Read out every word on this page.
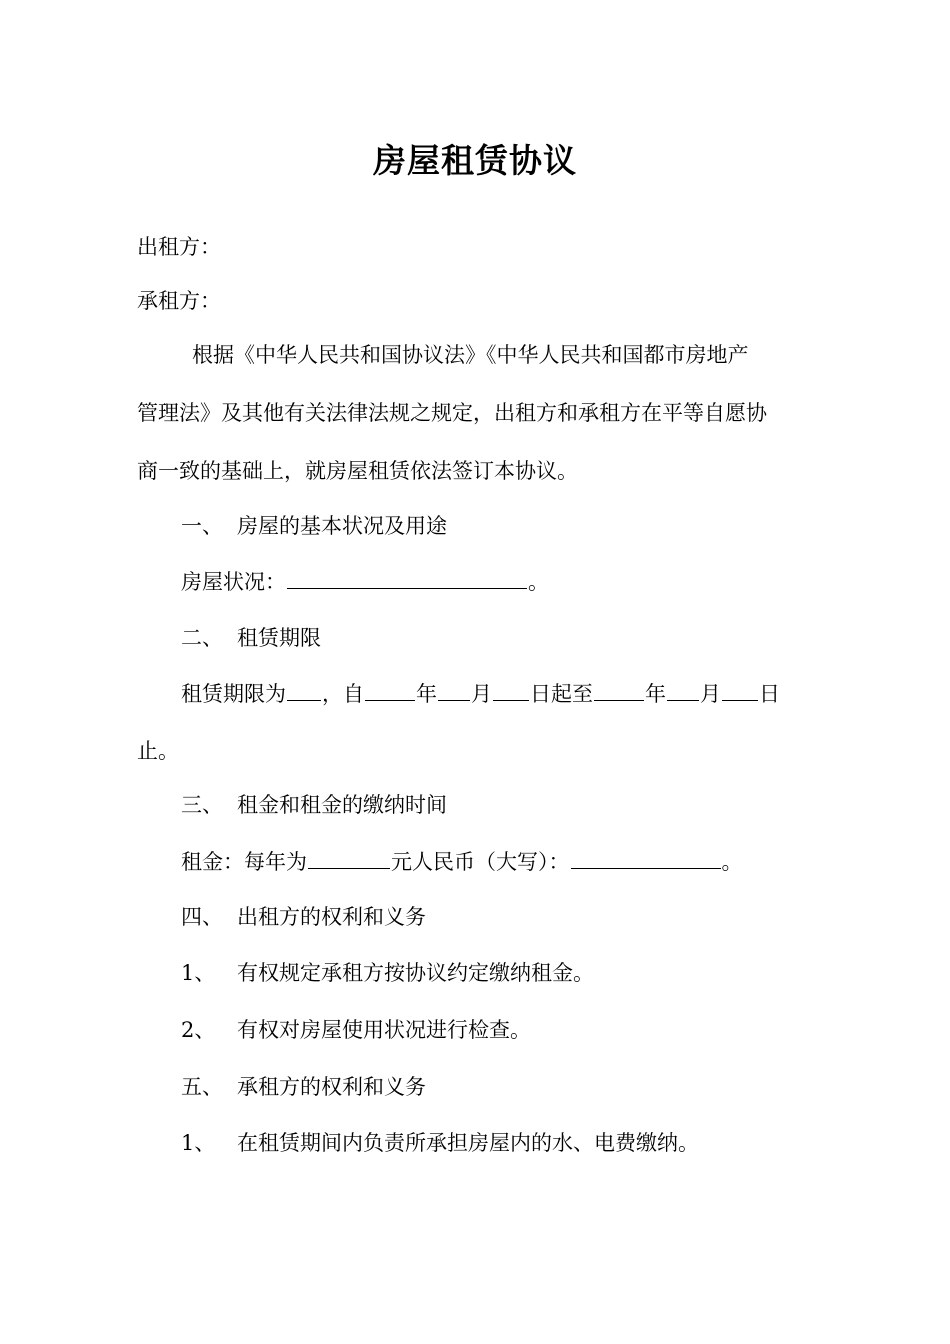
房屋租赁协议
出租方：
承租方：
根据《中华人民共和国协议法》《中华人民共和国都市房地产
管理法》及其他有关法律法规之规定，出租方和承租方在平等自愿协
商一致的基础上，就房屋租赁依法签订本协议。
一、 房屋的基本状况及用途
房屋状况：	。
二、 租赁期限
租赁期限为 ，自 年 月 日起至 年 月 日
止。
三、 租金和租金的缴纳时间
租金：每年为	元人民币（大写）：	。
四、 出租方的权利和义务
1、 有权规定承租方按协议约定缴纳租金。
2、 有权对房屋使用状况进行检查。
五、 承租方的权利和义务
1、 在租赁期间内负责所承担房屋内的水、电费缴纳。
